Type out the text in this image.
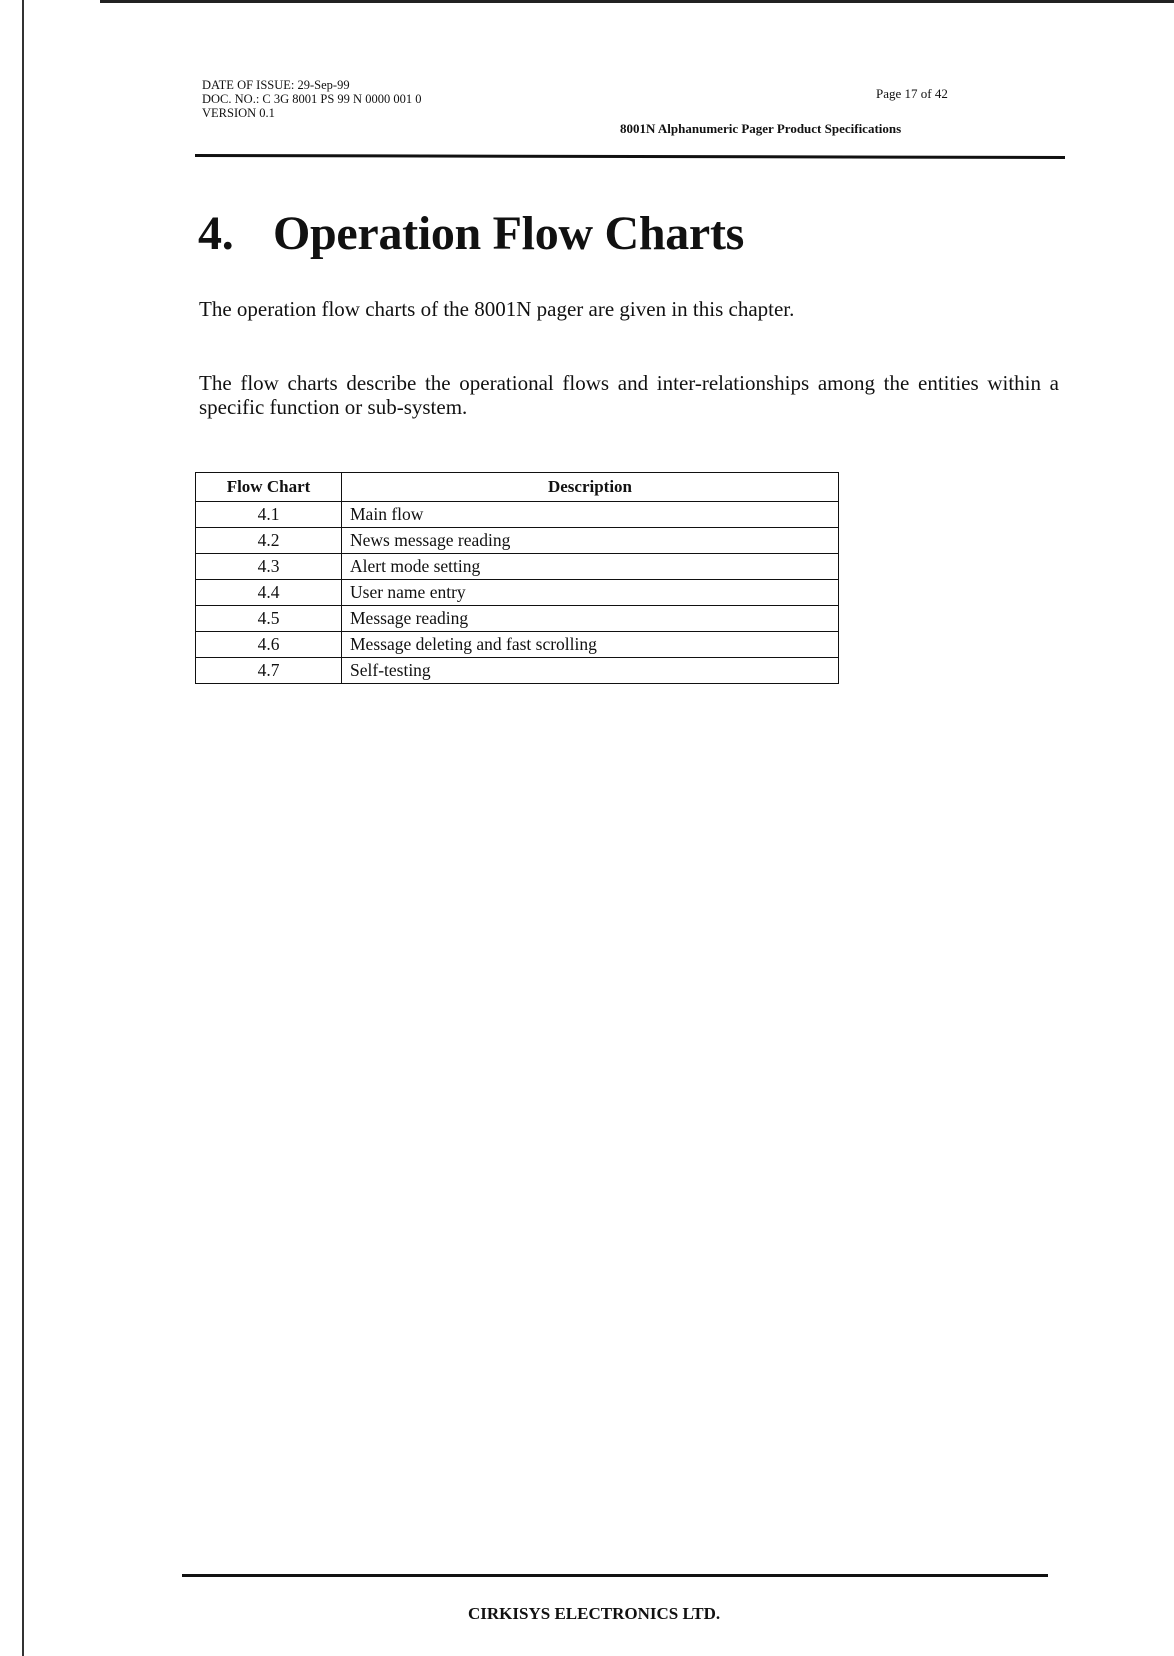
DATE OF ISSUE: 29-Sep-99
DOC. NO.: C 3G 8001 PS 99 N 0000 001 0
VERSION 0.1
Page 17 of 42
8001N Alphanumeric Pager Product Specifications
4. Operation Flow Charts

The operation flow charts of the 8001N pager are given in this chapter.

The flow charts describe the operational flows and inter-relationships among the entities within a specific function or sub-system.

Flow Chart	Description
4.1	Main flow
4.2	News message reading
4.3	Alert mode setting
4.4	User name entry
4.5	Message reading
4.6	Message deleting and fast scrolling
4.7	Self-testing
CIRKISYS ELECTRONICS LTD.
